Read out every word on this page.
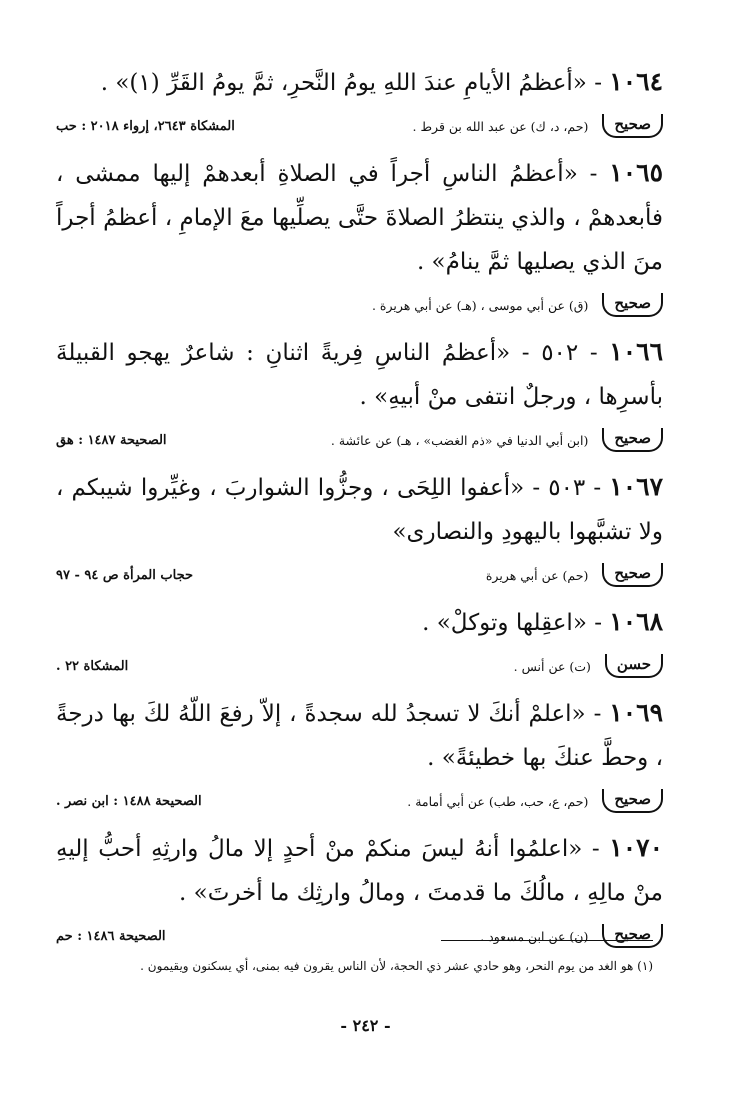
١٠٦٤ - «أعظمُ الأيامِ عندَ اللهِ يومُ النَّحرِ، ثمَّ يومُ القَرِّ (١)» .

صحيح
(حم، د، ك) عن عبد الله بن قرط .
المشكاة ٢٦٤٣، إرواء ٢٠١٨ : حب

١٠٦٥ - «أعظمُ الناسِ أجراً في الصلاةِ أبعدهمْ إليها ممشى ، فأبعدهمْ ، والذي ينتظرُ الصلاةَ حتَّى يصلِّيها معَ الإمامِ ، أعظمُ أجراً منَ الذي يصليها ثمَّ ينامُ» .

صحيح
(ق) عن أبي موسى ، (هـ) عن أبي هريرة .

١٠٦٦ - ٥٠٢ - «أعظمُ الناسِ فِريةً اثنانِ : شاعرٌ يهجو القبيلةَ بأسرِها ، ورجلٌ انتفى منْ أبيهِ» .

صحيح
(ابن أبي الدنيا في «ذم الغضب» ، هـ) عن عائشة .
الصحيحة ١٤٨٧ : هق

١٠٦٧ - ٥٠٣ - «أعفوا اللِحَى ، وجزُّوا الشواربَ ، وغيِّروا شيبكم ، ولا تشبَّهوا باليهودِ والنصارى»

صحيح
(حم) عن أبي هريرة
حجاب المرأة ص ٩٤ - ٩٧

١٠٦٨ - «اعقِلها وتوكلْ» .

حسن
(ت) عن أنس .
المشكاة ٢٢ .

١٠٦٩ - «اعلمْ أنكَ لا تسجدُ لله سجدةً ، إلاّ رفعَ اللّهُ لكَ بها درجةً ، وحطَّ عنكَ بها خطيئةً» .

صحيح
(حم، ع، حب، طب) عن أبي أمامة .
الصحيحة ١٤٨٨ : ابن نصر .

١٠٧٠ - «اعلمُوا أنهُ ليسَ منكمْ منْ أحدٍ إلا مالُ وارثِهِ أحبُّ إليهِ منْ مالِهِ ، مالُكَ ما قدمتَ ، ومالُ وارثِك ما أخرتَ» .

صحيح
(ن) عن ابن مسعود .
الصحيحة ١٤٨٦ : حم
(١) هو الغد من يوم النحر، وهو حادي عشر ذي الحجة، لأن الناس يقرون فيه بمنى، أي يسكنون ويقيمون .
- ٢٤٢ -
